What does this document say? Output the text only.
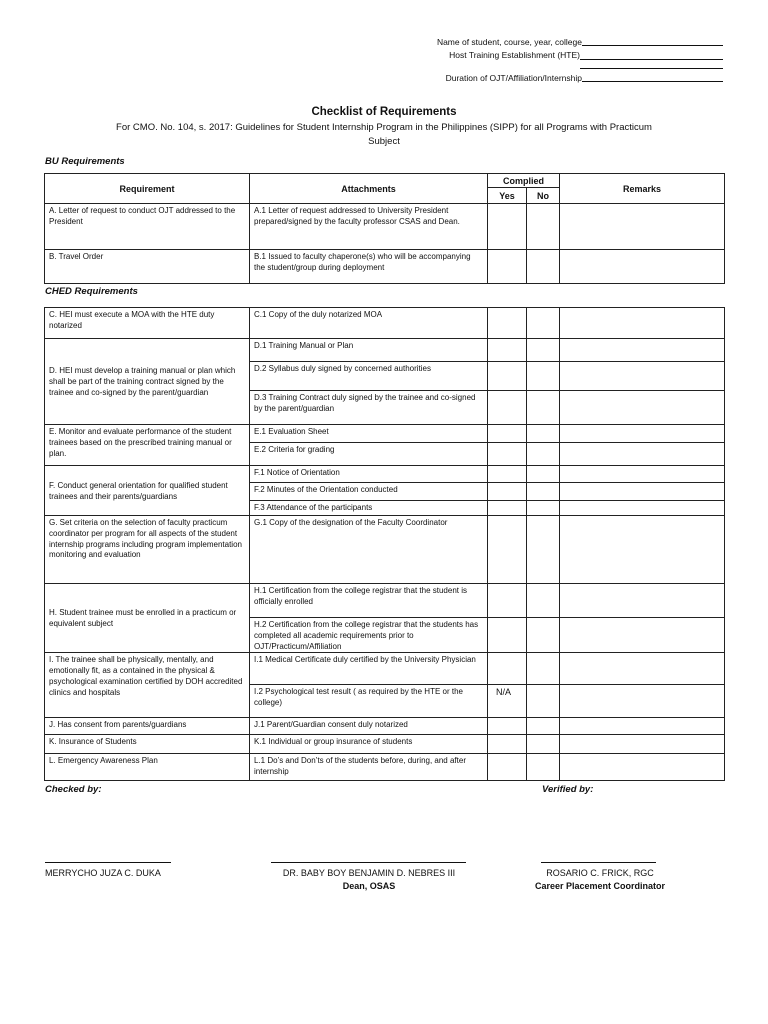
Name of student, course, year, college
Host Training Establishment (HTE)
Duration of OJT/Affiliation/Internship
Checklist of Requirements
For CMO. No. 104, s. 2017: Guidelines for Student Internship Program in the Philippines (SIPP) for all Programs with Practicum
Subject
BU Requirements
Requirement	Attachments	Complied		Remarks
		Yes	No	
A. Letter of request to conduct OJT addressed to the President	A.1 Letter of request addressed to University President prepared/signed by the faculty professor CSAS and Dean.			
B. Travel Order	B.1 Issued to faculty chaperone(s) who will be accompanying the student/group during deployment			
CHED Requirements
C. HEI must execute a MOA with the HTE duty notarized	C.1 Copy of the duly notarized MOA			
D. HEI must develop a training manual or plan which shall be part of the training contract signed by the trainee and co-signed by the parent/guardian	D.1 Training Manual or Plan			
	D.2 Syllabus duly signed by concerned authorities			
	D.3 Training Contract duly signed by the trainee and co-signed by the parent/guardian			
E. Monitor and evaluate performance of the student trainees based on the prescribed training manual or plan.	E.1 Evaluation Sheet			
	E.2 Criteria for grading			
F. Conduct general orientation for qualified student trainees and their parents/guardians	F.1 Notice of Orientation			
	F.2 Minutes of the Orientation conducted			
	F.3 Attendance of the participants			
G. Set criteria on the selection of faculty practicum coordinator per program for all aspects of the student internship programs including program implementation monitoring and evaluation	G.1 Copy of the designation of the Faculty Coordinator			
H. Student trainee must be enrolled in a practicum or equivalent subject	H.1 Certification from the college registrar that the student is officially enrolled			
	H.2 Certification from the college registrar that the students has completed all academic requirements prior to OJT/Practicum/Affiliation			
I. The trainee shall be physically, mentally, and emotionally fit, as a contained in the physical & psychological examination certified by DOH accredited clinics and hospitals	I.1 Medical Certificate duly certified by the University Physician			
	I.2 Psychological test result ( as required by the HTE or the college)	N/A		
J. Has consent from parents/guardians	J.1 Parent/Guardian consent duly notarized			
K. Insurance of Students	K.1 Individual or group insurance of students			
L. Emergency Awareness Plan	L.1 Do’s and Don’ts of the students before, during, and after internship			
Checked by:	Verified by:
MERRYCHO JUZA C. DUKA	DR. BABY BOY BENJAMIN D. NEBRES III
Dean, OSAS
ROSARIO C. FRICK, RGC
Career Placement Coordinator
